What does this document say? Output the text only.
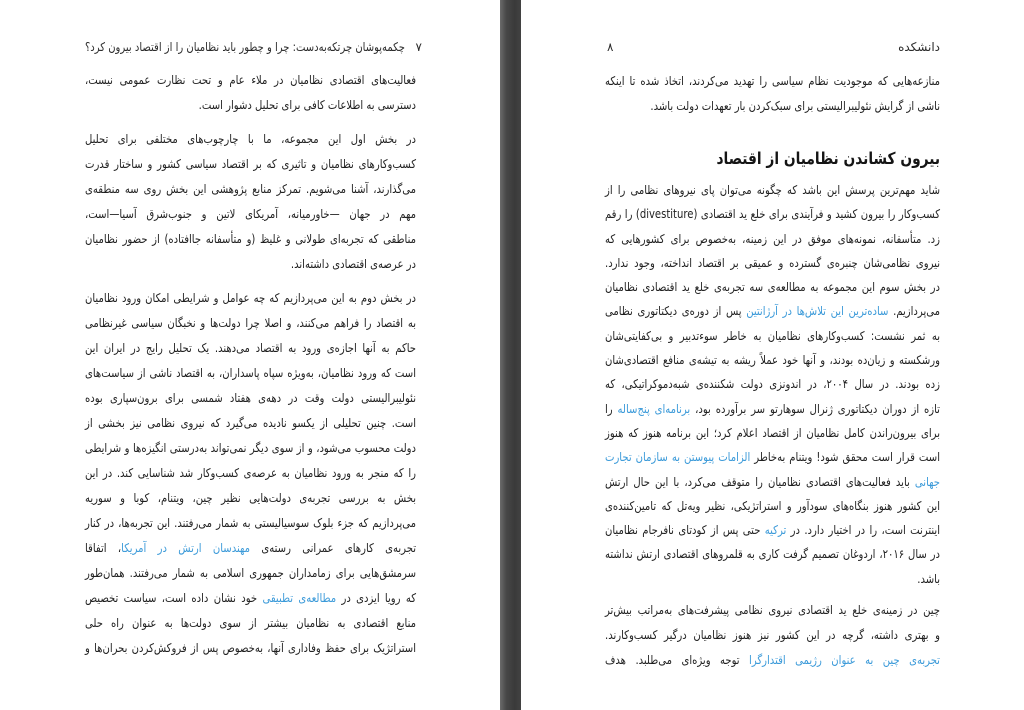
۷
چکمه‌پوشان چرتکه‌به‌دست: چرا و چطور باید نظامیان را از اقتصاد بیرون کرد؟
فعالیت‌های اقتصادی نظامیان در ملاء عام و تحت نظارت عمومی نیست،
دسترسی به اطلاعات کافی برای تحلیل دشوار است.
در بخش اول این مجموعه، ما با چارچوب‌های مختلفی برای تحلیل
کسب‌وکارهای نظامیان و تاثیری که بر اقتصاد سیاسی کشور و ساختار قدرت
می‌گذارند، آشنا می‌شویم. تمرکز منابع پژوهشی این بخش روی سه منطقه‌ی
مهم در جهان —خاورمیانه، آمریکای لاتین و جنوب‌شرق آسیا—است،
مناطقی که تجربه‌ای طولانی و غلیظ (و متأسفانه جاافتاده) از حضور نظامیان
در عرصه‌ی اقتصادی داشته‌اند.
در بخش دوم به این می‌پردازیم که چه عوامل و شرایطی امکان ورود نظامیان
به اقتصاد را فراهم می‌کنند، و اصلا چرا دولت‌ها و نخبگان سیاسی غیرنظامی
حاکم به آنها اجازه‌ی ورود به اقتصاد می‌دهند. یک تحلیل رایج در ایران این
است که ورود نظامیان، به‌ویژه سپاه پاسداران، به اقتصاد ناشی از سیاست‌های
نئولیبرالیستی دولت وقت در دهه‌ی هفتاد شمسی برای برون‌سپاری بوده
است. چنین تحلیلی از یکسو نادیده می‌گیرد که نیروی نظامی نیز بخشی از
دولت محسوب می‌شود، و از سوی دیگر نمی‌تواند به‌درستی انگیزه‌ها و شرایطی
را که منجر به ورود نظامیان به عرصه‌ی کسب‌وکار شد شناسایی کند. در این
بخش به بررسی تجربه‌ی دولت‌هایی نظیر چین، ویتنام، کوبا و سوریه
می‌پردازیم که جزء بلوک سوسیالیستی به شمار می‌رفتند. این تجربه‌ها، در کنار
تجربه‌ی کارهای عمرانی رسته‌ی مهندسان ارتش در آمریکا، اتفاقا
سرمشق‌هایی برای زمامداران جمهوری اسلامی به شمار می‌رفتند. همان‌طور
که رویا ایزدی در مطالعه‌ی تطبیقی خود نشان داده است، سیاست تخصیص
منابع اقتصادی به نظامیان بیشتر از سوی دولت‌ها به عنوان راه حلی
استراتژیک برای حفظ وفاداری آنها، به‌خصوص پس از فروکش‌کردن بحران‌ها و
دانشکده
۸
منازعه‌هایی که موجودیت نظام سیاسی را تهدید می‌کردند، اتخاذ شده تا اینکه
ناشی از گرایش نئولیبرالیستی برای سبک‌کردن بار تعهدات دولت باشد.
بیرون کشاندن نظامیان از اقتصاد
شاید مهم‌ترین پرسش این باشد که چگونه می‌توان پای نیروهای نظامی را از
کسب‌وکار را بیرون کشید و فرآیندی برای خلع ید اقتصادی (divestiture) را رقم
زد. متأسفانه، نمونه‌های موفق در این زمینه، به‌خصوص برای کشورهایی که
نیروی نظامی‌شان چنبره‌ی گسترده و عمیقی بر اقتصاد انداخته، وجود ندارد.
در بخش سوم این مجموعه به مطالعه‌ی سه تجربه‌ی خلع ید اقتصادی نظامیان
می‌پردازیم. ساده‌ترین این تلاش‌ها در آرژانتین پس از دوره‌ی دیکتاتوری نظامی
به ثمر نشست: کسب‌وکارهای نظامیان به خاطر سوءتدبیر و بی‌کفایتی‌شان
ورشکسته و زیان‌ده بودند، و آنها خود عملاً ریشه به تیشه‌ی منافع اقتصادی‌شان
زده بودند. در سال ۲۰۰۴، در اندونزی دولت شکننده‌ی شبه‌دموکراتیکی، که
تازه از دوران دیکتاتوری ژنرال سوهارتو سر برآورده بود، برنامه‌ای پنج‌ساله را
برای بیرون‌راندن کامل نظامیان از اقتصاد اعلام کرد؛ این برنامه هنوز که هنوز
است قرار است محقق شود! ویتنام به‌خاطر الزامات پیوستن به سازمان تجارت
جهانی باید فعالیت‌های اقتصادی نظامیان را متوقف می‌کرد، با این حال ارتش
این کشور هنوز بنگاه‌های سودآور و استراتژیکی، نظیر ویه‌تل که تامین‌کننده‌ی
اینترنت است، را در اختیار دارد. در ترکیه حتی پس از کودتای نافرجام نظامیان
در سال ۲۰۱۶، اردوغان تصمیم گرفت کاری به قلمروهای اقتصادی ارتش نداشته
باشد.
چین در زمینه‌ی خلع ید اقتصادی نیروی نظامی پیشرفت‌های به‌مراتب بیش‌تر
و بهتری داشته، گرچه در این کشور نیز هنوز نظامیان درگیر کسب‌وکارند.
تجربه‌ی چین به عنوان رژیمی اقتدارگرا توجه ویژه‌ای می‌طلبد. هدف
